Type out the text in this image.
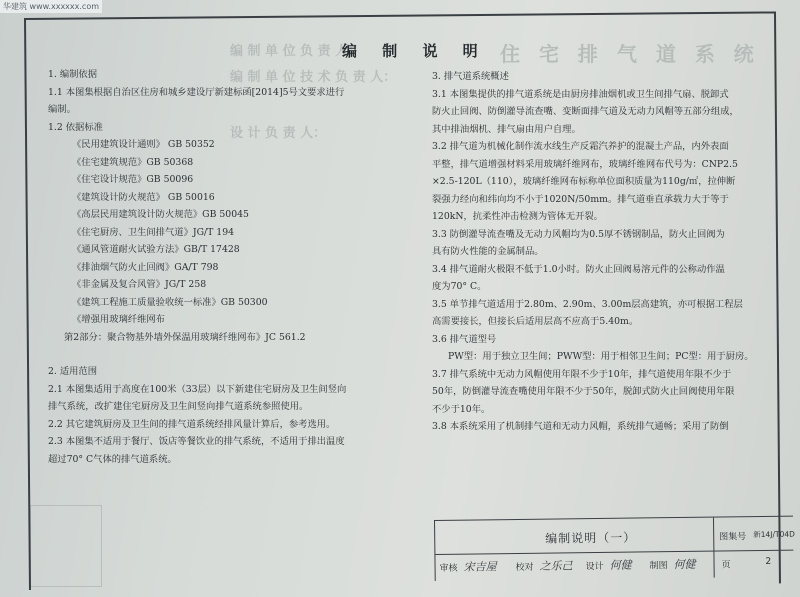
华建筑 www.xxxxxx.com
住 宅 排 气 道 系 统
编 制 单 位 负 责 人：
编 制 单 位 技 术 负 责 人：
设 计 负 责 人：
编 制 说 明
1. 编制依据
1.1 本图集根据自治区住房和城乡建设厅新建标函[2014]5号文要求进行
编制。
1.2 依据标准
《民用建筑设计通则》 GB 50352
《住宅建筑规范》GB 50368
《住宅设计规范》GB 50096
《建筑设计防火规范》 GB 50016
《高层民用建筑设计防火规范》GB 50045
《住宅厨房、卫生间排气道》JG/T 194
《通风管道耐火试验方法》GB/T 17428
《排油烟气防火止回阀》GA/T 798
《非金属及复合风管》JG/T 258
《建筑工程施工质量验收统一标准》GB 50300
《增强用玻璃纤维网布
第2部分：聚合物基外墙外保温用玻璃纤维网布》JC 561.2
2. 适用范围
2.1 本图集适用于高度在100米（33层）以下新建住宅厨房及卫生间竖向
排气系统，改扩建住宅厨房及卫生间竖向排气道系统参照使用。
2.2 其它建筑厨房及卫生间的排气道系统经排风量计算后，参考选用。
2.3 本图集不适用于餐厅、饭店等餐饮业的排气系统，不适用于排出温度
超过70° C气体的排气道系统。
3. 排气道系统概述
3.1 本图集提供的排气道系统是由厨房排油烟机或卫生间排气扇、脱卸式
防火止回阀、防倒灌导流查嘴、变断面排气道及无动力风帽等五部分组成，
其中排油烟机、排气扇由用户自理。
3.2 排气道为机械化制作流水线生产反霜汽养护的混凝土产品，内外表面
平整，排气道增强材料采用玻璃纤维网布，玻璃纤维网布代号为：CNP2.5
×2.5-120L（110），玻璃纤维网布标称单位面积质量为110g/㎡，拉伸断
裂强力经向和纬向均不小于1020N/50mm。排气道垂直承载力大于等于
120kN，抗柔性冲击检测为管体无开裂。
3.3 防倒灌导流查嘴及无动力风帽均为0.5厚不锈钢制品，防火止回阀为
具有防火性能的金属制品。
3.4 排气道耐火极限不低于1.0小时。防火止回阀易溶元件的公称动作温
度为70° C。
3.5 单节排气道适用于2.80m、2.90m、3.00m层高建筑，亦可根据工程层
高需要接长，但接长后适用层高不应高于5.40m。
3.6 排气道型号
PW型：用于独立卫生间；PWW型：用于相邻卫生间；PC型：用于厨房。
3.7 排气系统中无动力风帽使用年限不少于10年，排气道使用年限不少于
50年，防倒灌导流查嘴使用年限不少于50年，脱卸式防火止回阀使用年限
不少于10年。
3.8 本系统采用了机制排气道和无动力风帽，系统排气通畅；采用了防倒
编制说明（一）	图集号 新14J/T04D
审核 宋吉屋 校对 之乐己 设计 何健 制图 何健	页	2
